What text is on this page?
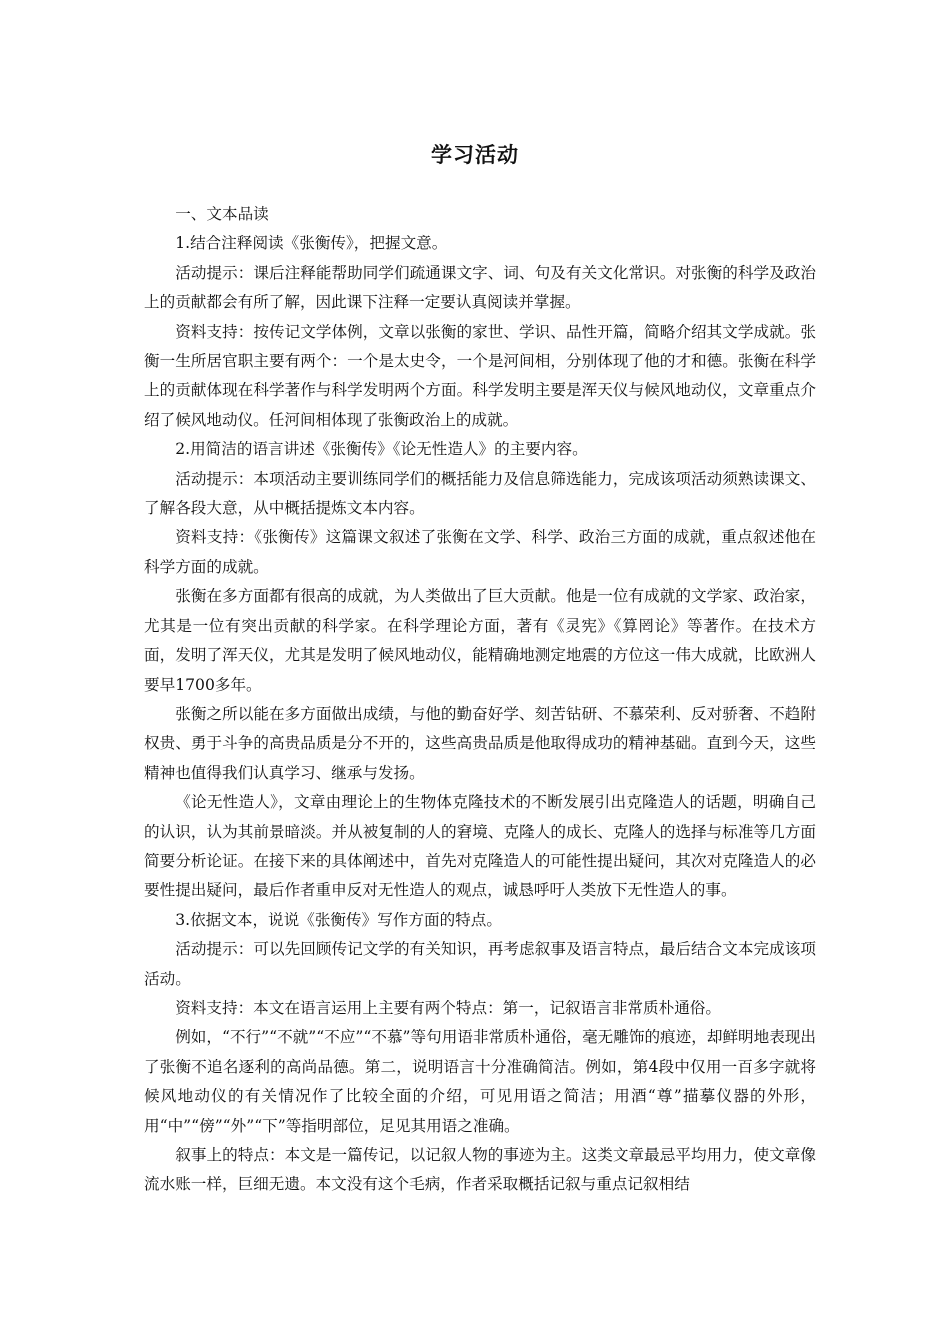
学习活动

一、文本品读

1.结合注释阅读《张衡传》，把握文意。

活动提示：课后注释能帮助同学们疏通课文字、词、句及有关文化常识。对张衡的科学及政治上的贡献都会有所了解，因此课下注释一定要认真阅读并掌握。

资料支持：按传记文学体例，文章以张衡的家世、学识、品性开篇，简略介绍其文学成就。张衡一生所居官职主要有两个：一个是太史令，一个是河间相，分别体现了他的才和德。张衡在科学上的贡献体现在科学著作与科学发明两个方面。科学发明主要是浑天仪与候风地动仪，文章重点介绍了候风地动仪。任河间相体现了张衡政治上的成就。

2.用简洁的语言讲述《张衡传》《论无性造人》的主要内容。

活动提示：本项活动主要训练同学们的概括能力及信息筛选能力，完成该项活动须熟读课文、了解各段大意，从中概括提炼文本内容。

资料支持：《张衡传》这篇课文叙述了张衡在文学、科学、政治三方面的成就，重点叙述他在科学方面的成就。

张衡在多方面都有很高的成就，为人类做出了巨大贡献。他是一位有成就的文学家、政治家，尤其是一位有突出贡献的科学家。在科学理论方面，著有《灵宪》《算罔论》等著作。在技术方面，发明了浑天仪，尤其是发明了候风地动仪，能精确地测定地震的方位这一伟大成就，比欧洲人要早1700多年。

张衡之所以能在多方面做出成绩，与他的勤奋好学、刻苦钻研、不慕荣利、反对骄奢、不趋附权贵、勇于斗争的高贵品质是分不开的，这些高贵品质是他取得成功的精神基础。直到今天，这些精神也值得我们认真学习、继承与发扬。

《论无性造人》，文章由理论上的生物体克隆技术的不断发展引出克隆造人的话题，明确自己的认识，认为其前景暗淡。并从被复制的人的窘境、克隆人的成长、克隆人的选择与标准等几方面简要分析论证。在接下来的具体阐述中，首先对克隆造人的可能性提出疑问，其次对克隆造人的必要性提出疑问，最后作者重申反对无性造人的观点，诚恳呼吁人类放下无性造人的事。

3.依据文本，说说《张衡传》写作方面的特点。

活动提示：可以先回顾传记文学的有关知识，再考虑叙事及语言特点，最后结合文本完成该项活动。

资料支持：本文在语言运用上主要有两个特点：第一，记叙语言非常质朴通俗。

例如，“不行”“不就”“不应”“不慕”等句用语非常质朴通俗，毫无雕饰的痕迹，却鲜明地表现出了张衡不追名逐利的高尚品德。第二，说明语言十分准确简洁。例如，第4段中仅用一百多字就将候风地动仪的有关情况作了比较全面的介绍，可见用语之简洁；用酒“尊”描摹仪器的外形，用“中”“傍”“外”“下”等指明部位，足见其用语之准确。

叙事上的特点：本文是一篇传记，以记叙人物的事迹为主。这类文章最忌平均用力，使文章像流水账一样，巨细无遗。本文没有这个毛病，作者采取概括记叙与重点记叙相结
